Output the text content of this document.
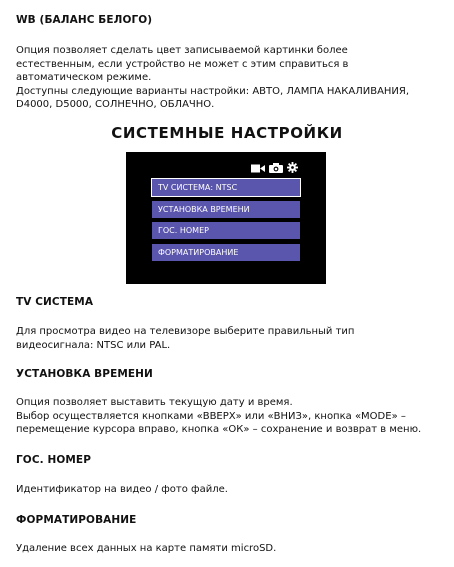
WB (БАЛАНС БЕЛОГО)
Опция позволяет сделать цвет записываемой картинки более
естественным, если устройство не может с этим справиться в
автоматическом режиме.
Доступны следующие варианты настройки: АВТО, ЛАМПА НАКАЛИВАНИЯ,
D4000, D5000, СОЛНЕЧНО, ОБЛАЧНО.
СИСТЕМНЫЕ НАСТРОЙКИ
TV СИСТЕМА: NTSC
УСТАНОВКА ВРЕМЕНИ
ГОС. НОМЕР
ФОРМАТИРОВАНИЕ
TV СИСТЕМА
Для просмотра видео на телевизоре выберите правильный тип
видеосигнала: NTSC или PAL.
УСТАНОВКА ВРЕМЕНИ
Опция позволяет выставить текущую дату и время.
Выбор осуществляется кнопками «ВВЕРХ» или «ВНИЗ», кнопка «MODE» –
перемещение курсора вправо, кнопка «ОК» – сохранение и возврат в меню.
ГОС. НОМЕР
Идентификатор на видео / фото файле.
ФОРМАТИРОВАНИЕ
Удаление всех данных на карте памяти microSD.
